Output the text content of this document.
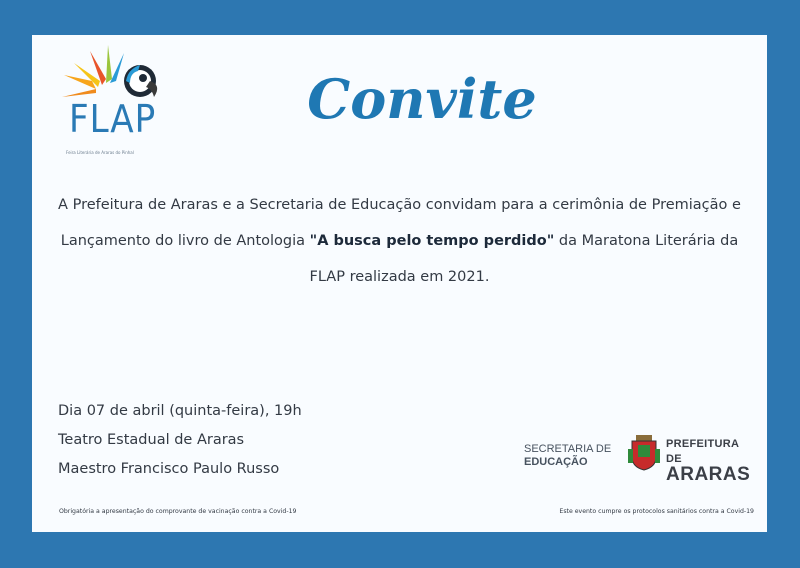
FLAP
Feira Literária de Araras do Pinhal
Convite
A Prefeitura de Araras e a Secretaria de Educação convidam para a cerimônia de Premiação e Lançamento do livro de Antologia "A busca pelo tempo perdido" da Maratona Literária da FLAP realizada em 2021.
Dia 07 de abril (quinta-feira), 19h
Teatro Estadual de Araras
Maestro Francisco Paulo Russo
SECRETARIA DE
EDUCAÇÃO
PREFEITURA DE
ARARAS
Obrigatória a apresentação do comprovante de vacinação contra a Covid-19	Este evento cumpre os protocolos sanitários contra a Covid-19
